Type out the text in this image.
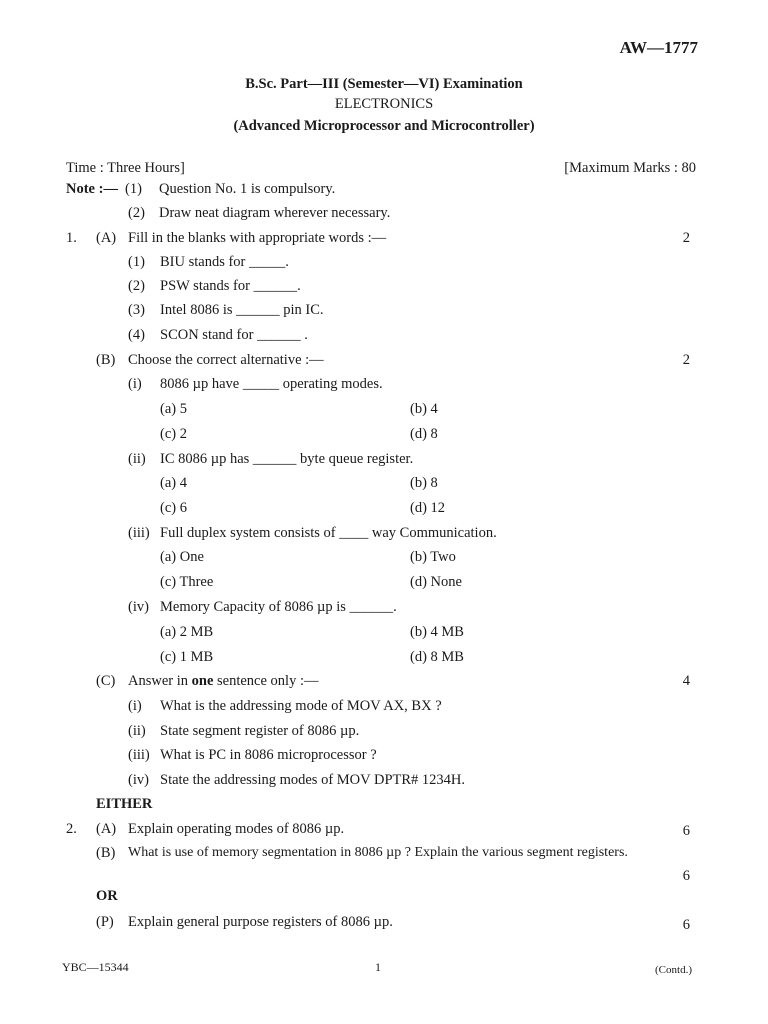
AW—1777
B.Sc. Part—III (Semester—VI) Examination
ELECTRONICS
(Advanced Microprocessor and Microcontroller)
Time : Three Hours]	[Maximum Marks : 80
Note :— (1) Question No. 1 is compulsory.
(2) Draw neat diagram wherever necessary.
1. (A) Fill in the blanks with appropriate words :—	2
(1) BIU stands for _____.
(2) PSW stands for ______.
(3) Intel 8086 is ______ pin IC.
(4) SCON stand for ______ .
(B) Choose the correct alternative :—	2
(i) 8086 µp have _____ operating modes.
(a) 5	(b) 4
(c) 2	(d) 8
(ii) IC 8086 µp has ______ byte queue register.
(a) 4	(b) 8
(c) 6	(d) 12
(iii) Full duplex system consists of ____ way Communication.
(a) One	(b) Two
(c) Three	(d) None
(iv) Memory Capacity of 8086 µp is ______.
(a) 2 MB	(b) 4 MB
(c) 1 MB	(d) 8 MB
(C) Answer in one sentence only :—	4
(i) What is the addressing mode of MOV AX, BX ?
(ii) State segment register of 8086 µp.
(iii) What is PC in 8086 microprocessor ?
(iv) State the addressing modes of MOV DPTR# 1234H.
EITHER
2. (A) Explain operating modes of 8086 µp.	6
(B) What is use of memory segmentation in 8086 µp ? Explain the various segment registers.
6
OR
(P) Explain general purpose registers of 8086 µp.	6
YBC—15344	1	(Contd.)
